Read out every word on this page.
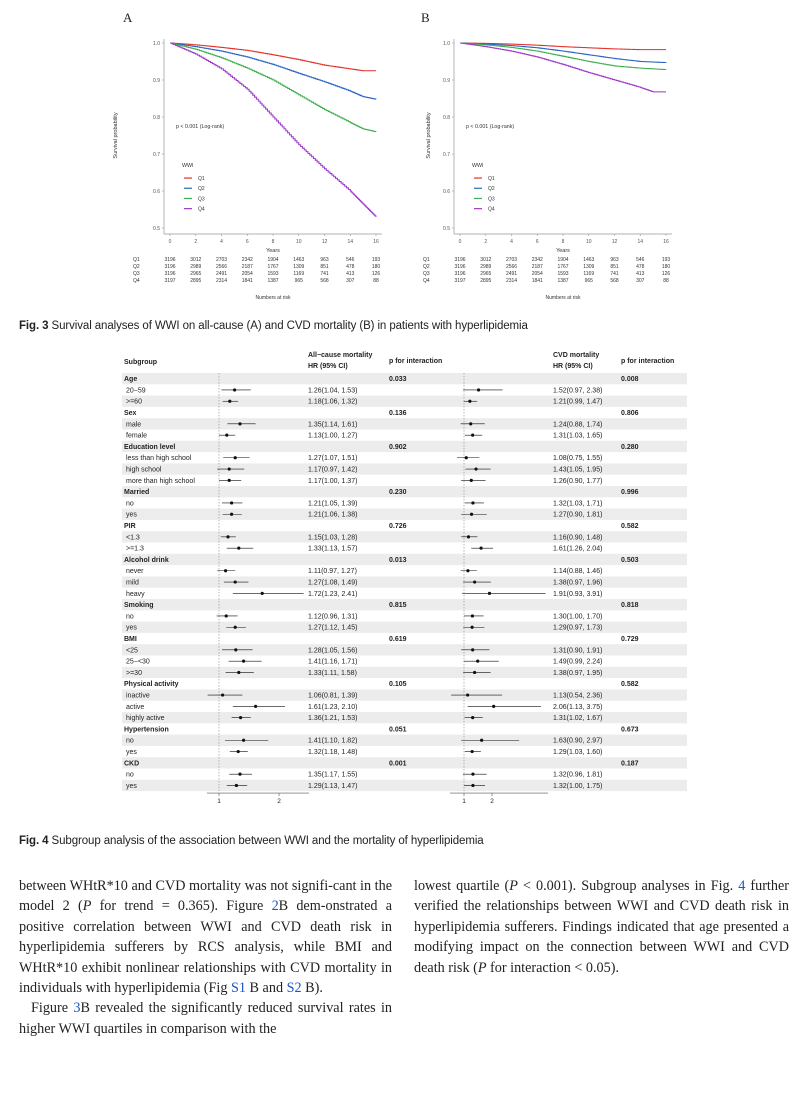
A	B
0.5
0.6
0.7
0.8
0.9
1.0
0	2	4	6	8	10	12	14	16
Years
Survival probability	p < 0.001 (Log-rank)
WWI
Q1
Q2
Q3
Q4
Q1	3196	3012	2703	2342	1904	1463	963	546	193
Q2	3196	2989	2566	2187	1767	1309	851	478	180
Q3	3196	2965	2491	2054	1593	1169	741	413	126
Q4	3197	2895	2314	1841	1387	965	568	307	88
Numbers at risk
0.5
0.6
0.7
0.8
0.9
1.0
0	2	4	6	8	10	12	14	16
Years
Survival probability	p < 0.001 (Log-rank)
WWI
Q1
Q2
Q3
Q4
Q1	3196	3012	2703	2342	1904	1463	963	546	193
Q2	3196	2989	2566	2187	1767	1309	851	478	180
Q3	3196	2965	2491	2054	1593	1169	741	413	126
Q4	3197	2895	2314	1841	1387	965	568	307	88
Numbers at risk
Fig. 3 Survival analyses of WWI on all-cause (A) and CVD mortality (B) in patients with hyperlipidemia
Subgroup
All−cause mortality
HR (95% CI)
p for interaction
CVD mortality
HR (95% CI)
p for interaction
1	1
2	2
Age	0.033	0.008
20−59	1.26(1.04, 1.53)	1.52(0.97, 2.38)
>=60	1.18(1.06, 1.32)	1.21(0.99, 1.47)
Sex	0.136	0.806
male	1.35(1.14, 1.61)	1.24(0.88, 1.74)
female	1.13(1.00, 1.27)	1.31(1.03, 1.65)
Education level	0.902	0.280
less than high school	1.27(1.07, 1.51)	1.08(0.75, 1.55)
high school	1.17(0.97, 1.42)	1.43(1.05, 1.95)
more than high school	1.17(1.00, 1.37)	1.26(0.90, 1.77)
Married	0.230	0.996
no	1.21(1.05, 1.39)	1.32(1.03, 1.71)
yes	1.21(1.06, 1.38)	1.27(0.90, 1.81)
PIR	0.726	0.582
<1.3	1.15(1.03, 1.28)	1.16(0.90, 1.48)
>=1.3	1.33(1.13, 1.57)	1.61(1.26, 2.04)
Alcohol drink	0.013	0.503
never	1.11(0.97, 1.27)	1.14(0.88, 1.46)
mild	1.27(1.08, 1.49)	1.38(0.97, 1.96)
heavy	1.72(1.23, 2.41)	1.91(0.93, 3.91)
Smoking	0.815	0.818
no	1.12(0.96, 1.31)	1.30(1.00, 1.70)
yes	1.27(1.12, 1.45)	1.29(0.97, 1.73)
BMI	0.619	0.729
<25	1.28(1.05, 1.56)	1.31(0.90, 1.91)
25−<30	1.41(1.16, 1.71)	1.49(0.99, 2.24)
>=30	1.33(1.11, 1.58)	1.38(0.97, 1.95)
Physical activity	0.105	0.582
inactive	1.06(0.81, 1.39)	1.13(0.54, 2.36)
active	1.61(1.23, 2.10)	2.06(1.13, 3.75)
highly active	1.36(1.21, 1.53)	1.31(1.02, 1.67)
Hypertension	0.051	0.673
no	1.41(1.10, 1.82)	1.63(0.90, 2.97)
yes	1.32(1.18, 1.48)	1.29(1.03, 1.60)
CKD	0.001	0.187
no	1.35(1.17, 1.55)	1.32(0.96, 1.81)
yes	1.29(1.13, 1.47)	1.32(1.00, 1.75)
Fig. 4 Subgroup analysis of the association between WWI and the mortality of hyperlipidemia

between WHtR*10 and CVD mortality was not signifi-cant in the model 2 (P for trend = 0.365). Figure 2B dem-onstrated a positive correlation between WWI and CVD death risk in hyperlipidemia sufferers by RCS analysis, while BMI and WHtR*10 exhibit nonlinear relationships with CVD mortality in individuals with hyperlipidemia (Fig S1 B and S2 B).

Figure 3B revealed the significantly reduced survival rates in higher WWI quartiles in comparison with the

lowest quartile (P < 0.001). Subgroup analyses in Fig. 4 further verified the relationships between WWI and CVD death risk in hyperlipidemia sufferers. Findings indicated that age presented a modifying impact on the connection between WWI and CVD death risk (P for interaction < 0.05).
